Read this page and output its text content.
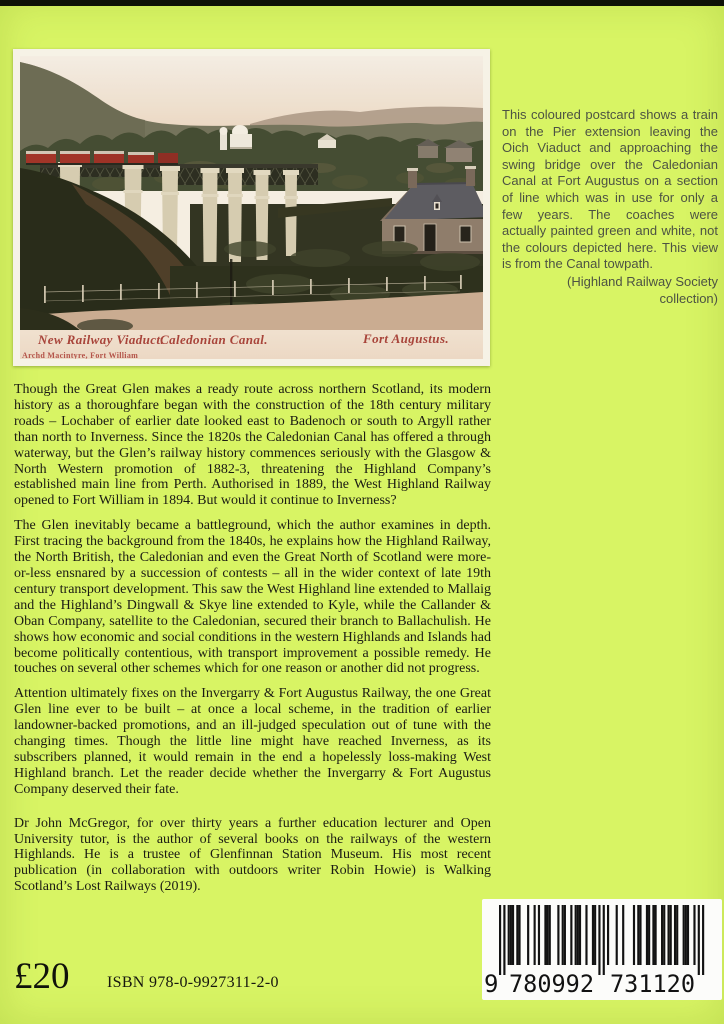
New Railway Viaduct.
Caledonian Canal.	Fort Augustus.
Archd Macintyre, Fort William
This coloured postcard shows a train on the Pier extension leaving the Oich Viaduct and approaching the swing bridge over the Caledonian Canal at Fort Augustus on a section of line which was in use for only a few years. The coaches were actually painted green and white, not the colours depicted here. This view is from the Canal towpath.
(Highland Railway Society collection)

Though the Great Glen makes a ready route across northern Scotland, its modern history as a thoroughfare began with the construction of the 18th century military roads – Lochaber of earlier date looked east to Badenoch or south to Argyll rather than north to Inverness. Since the 1820s the Caledonian Canal has offered a through waterway, but the Glen’s railway history commences seriously with the Glasgow & North Western promotion of 1882-3, threatening the Highland Company’s established main line from Perth. Authorised in 1889, the West Highland Railway opened to Fort William in 1894. But would it continue to Inverness?

The Glen inevitably became a battleground, which the author examines in depth. First tracing the background from the 1840s, he explains how the Highland Railway, the North British, the Caledonian and even the Great North of Scotland were more-or-less ensnared by a succession of contests – all in the wider context of late 19th century transport development. This saw the West Highland line extended to Mallaig and the Highland’s Dingwall & Skye line extended to Kyle, while the Callander & Oban Company, satellite to the Caledonian, secured their branch to Ballachulish. He shows how economic and social conditions in the western Highlands and Islands had become politically contentious, with transport improvement a possible remedy. He touches on several other schemes which for one reason or another did not progress.

Attention ultimately fixes on the Invergarry & Fort Augustus Railway, the one Great Glen line ever to be built – at once a local scheme, in the tradition of earlier landowner-backed promotions, and an ill-judged speculation out of tune with the changing times. Though the little line might have reached Inverness, as its subscribers planned, it would remain in the end a hopelessly loss-making West Highland branch. Let the reader decide whether the Invergarry & Fort Augustus Company deserved their fate.

Dr John McGregor, for over thirty years a further education lecturer and Open University tutor, is the author of several books on the railways of the western Highlands. He is a trustee of Glenfinnan Station Museum. His most recent publication (in collaboration with outdoors writer Robin Howie) is Walking Scotland’s Lost Railways (2019).

£20 ISBN 978-0-9927311-2-0	9 780992 731120
